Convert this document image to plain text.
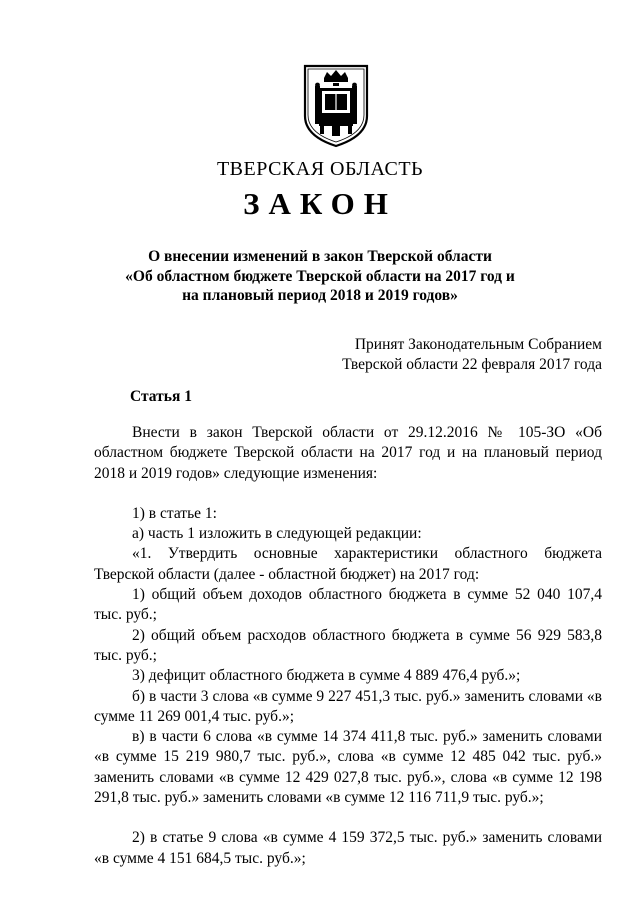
ТВЕРСКАЯ ОБЛАСТЬ
ЗАКОН
О внесении изменений в закон Тверской области
«Об областном бюджете Тверской области на 2017 год и
на плановый период 2018 и 2019 годов»
Принят Законодательным Собранием
Тверской области 22 февраля 2017 года
Статья 1

Внести в закон Тверской области от 29.12.2016 № 105-ЗО «Об областном бюджете Тверской области на 2017 год и на плановый период 2018 и 2019 годов» следующие изменения:

1) в статье 1:

а) часть 1 изложить в следующей редакции:

«1. Утвердить основные характеристики областного бюджета Тверской области (далее - областной бюджет) на 2017 год:

1) общий объем доходов областного бюджета в сумме 52 040 107,4 тыс. руб.;

2) общий объем расходов областного бюджета в сумме 56 929 583,8 тыс. руб.;

3) дефицит областного бюджета в сумме 4 889 476,4 руб.»;

б) в части 3 слова «в сумме 9 227 451,3 тыс. руб.» заменить словами «в сумме 11 269 001,4 тыс. руб.»;

в) в части 6 слова «в сумме 14 374 411,8 тыс. руб.» заменить словами «в сумме 15 219 980,7 тыс. руб.», слова «в сумме 12 485 042 тыс. руб.» заменить словами «в сумме 12 429 027,8 тыс. руб.», слова «в сумме 12 198 291,8 тыс. руб.» заменить словами «в сумме 12 116 711,9 тыс. руб.»;

2) в статье 9 слова «в сумме 4 159 372,5 тыс. руб.» заменить словами «в сумме 4 151 684,5 тыс. руб.»;
